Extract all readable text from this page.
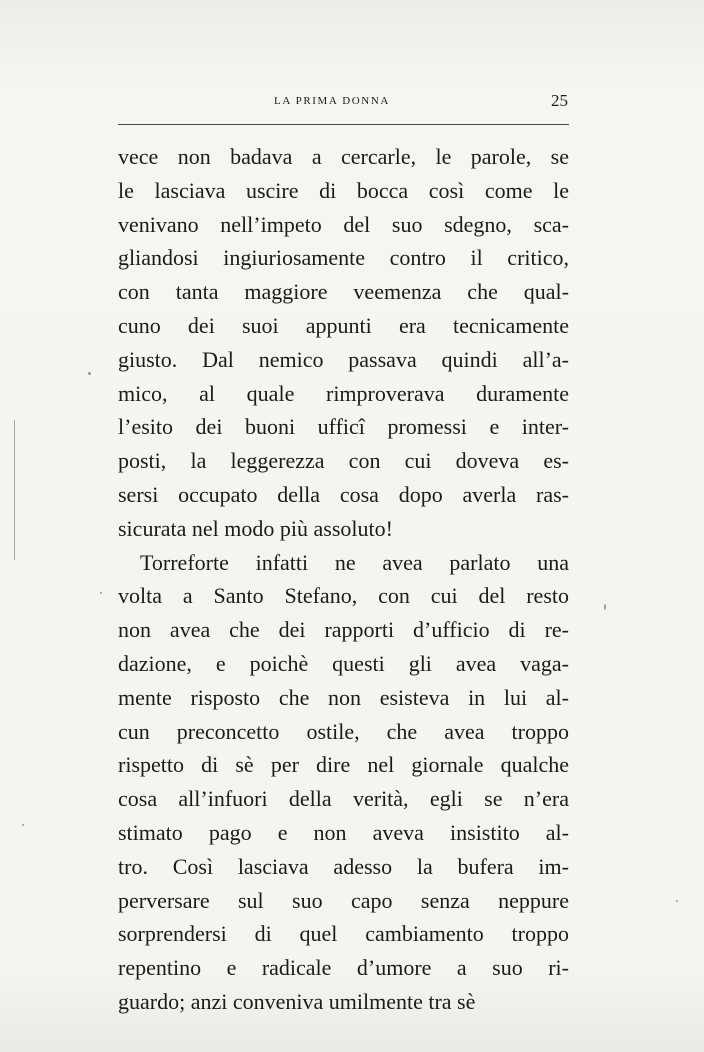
LA PRIMA DONNA	25
vece non badava a cercarle, le parole, se
le lasciava uscire di bocca così come le
venivano nell’impeto del suo sdegno, sca-
gliandosi ingiuriosamente contro il critico,
con tanta maggiore veemenza che qual-
cuno dei suoi appunti era tecnicamente
giusto. Dal nemico passava quindi all’a-
mico, al quale rimproverava duramente
l’esito dei buoni ufficî promessi e inter-
posti, la leggerezza con cui doveva es-
sersi occupato della cosa dopo averla ras-
sicurata nel modo più assoluto!
Torreforte infatti ne avea parlato una
volta a Santo Stefano, con cui del resto
non avea che dei rapporti d’ufficio di re-
dazione, e poichè questi gli avea vaga-
mente risposto che non esisteva in lui al-
cun preconcetto ostile, che avea troppo
rispetto di sè per dire nel giornale qualche
cosa all’infuori della verità, egli se n’era
stimato pago e non aveva insistito al-
tro. Così lasciava adesso la bufera im-
perversare sul suo capo senza neppure
sorprendersi di quel cambiamento troppo
repentino e radicale d’umore a suo ri-
guardo; anzi conveniva umilmente tra sè
